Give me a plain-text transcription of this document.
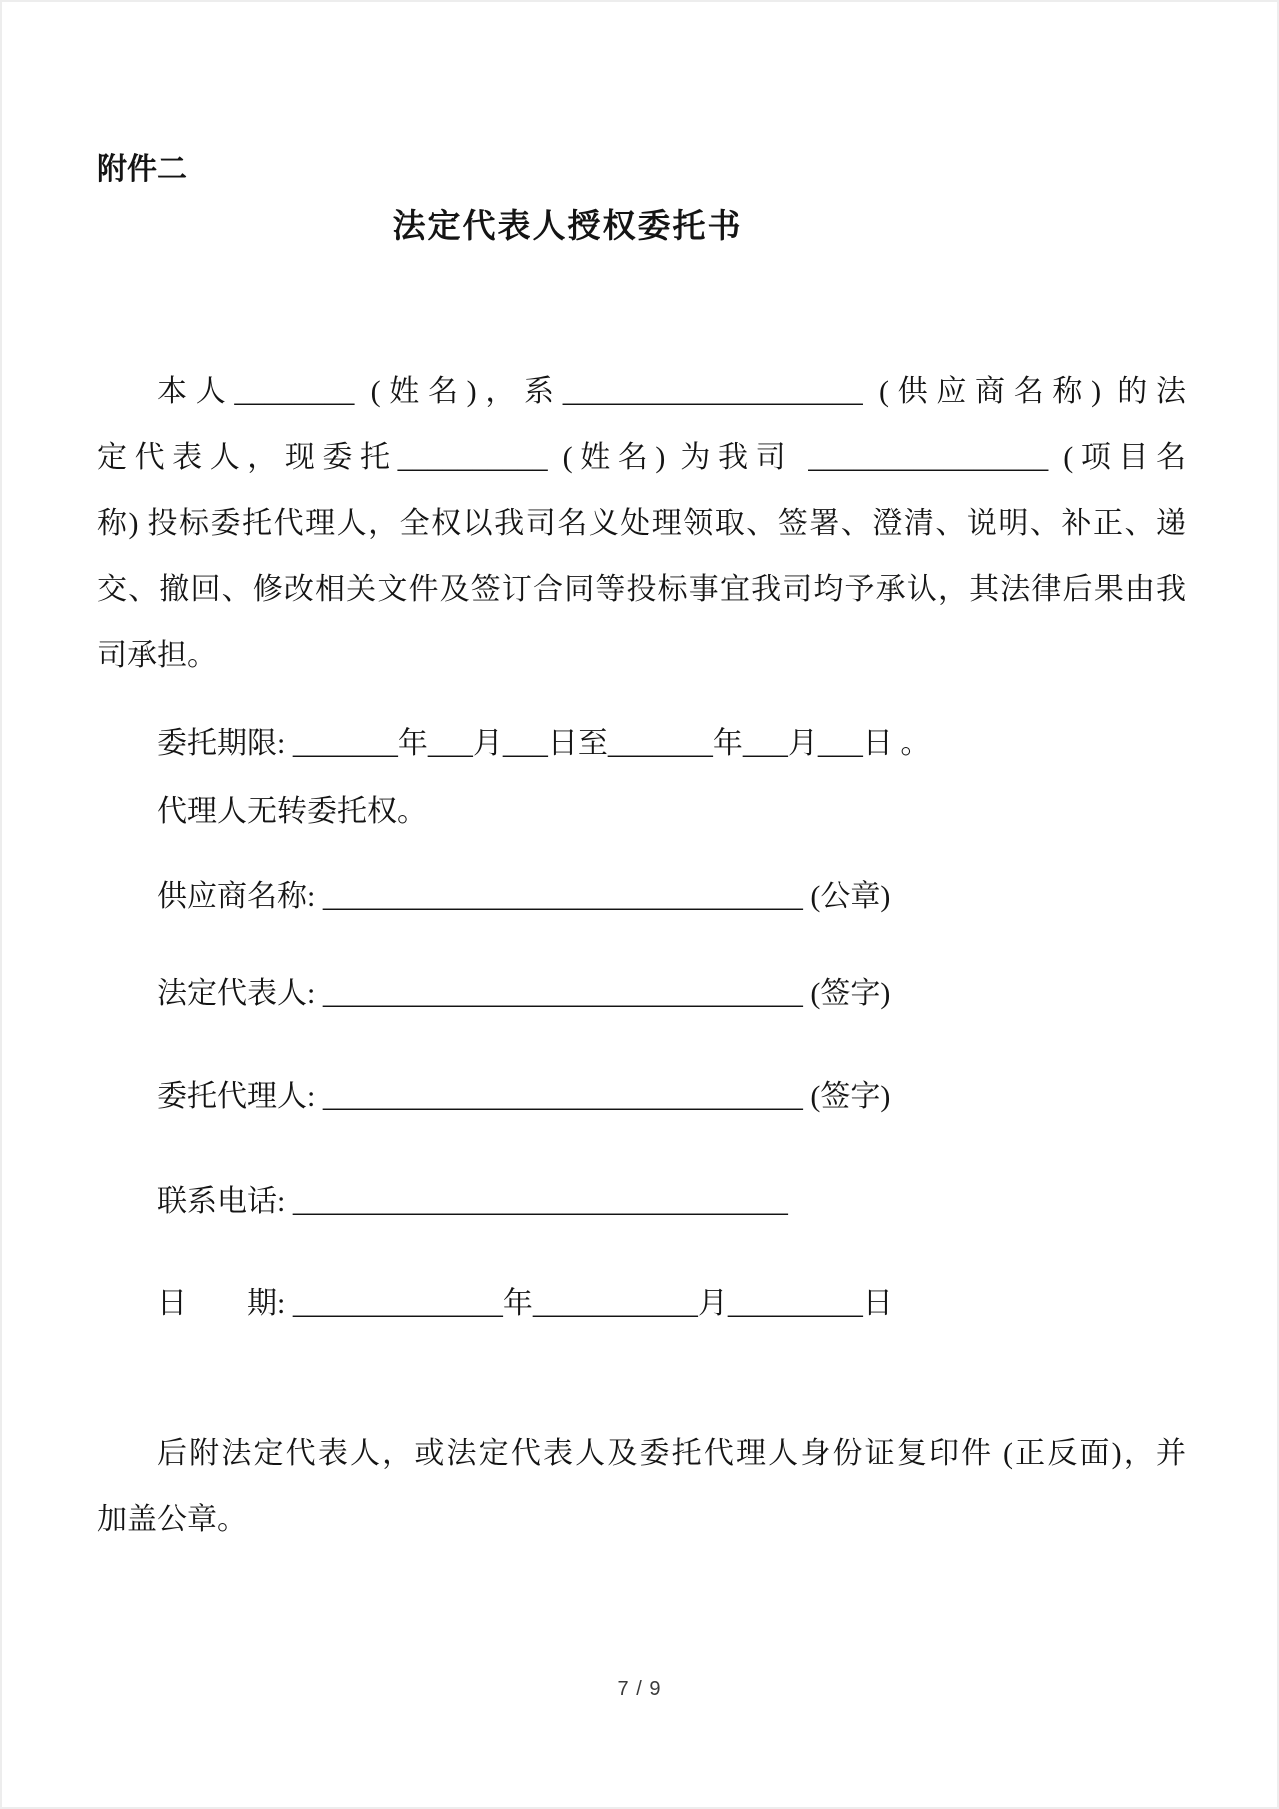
附件二
法定代表人授权委托书
本人________ (姓名)，系____________________ (供应商名称) 的法
定代表人，现委托__________ (姓名) 为我司 ________________ (项目名
称) 投标委托代理人，全权以我司名义处理领取、签署、澄清、说明、补正、递
交、撤回、修改相关文件及签订合同等投标事宜我司均予承认，其法律后果由我
司承担。
委托期限: _______年___月___日至_______年___月___日 。
代理人无转委托权。
供应商名称: ________________________________ (公章)
法定代表人: ________________________________ (签字)
委托代理人: ________________________________ (签字)
联系电话: _________________________________
日　　期: ______________年___________月_________日
后附法定代表人，或法定代表人及委托代理人身份证复印件 (正反面)，并
加盖公章。
7 / 9
